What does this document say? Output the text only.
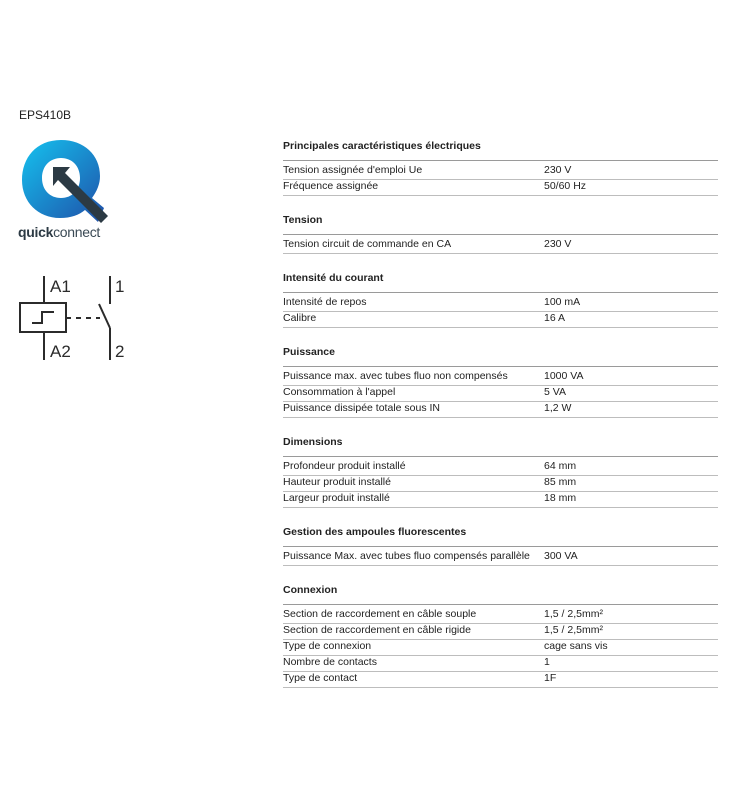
EPS410B
quickconnect
A1
A2
1
2
Principales caractéristiques électriques
Tension assignée d'emploi Ue	230 V
Fréquence assignée	50/60 Hz
Tension
Tension circuit de commande en CA	230 V
Intensité du courant
Intensité de repos	100 mA
Calibre	16 A
Puissance
Puissance max. avec tubes fluo non compensés	1000 VA
Consommation à l'appel	5 VA
Puissance dissipée totale sous IN	1,2 W
Dimensions
Profondeur produit installé	64 mm
Hauteur produit installé	85 mm
Largeur produit installé	18 mm
Gestion des ampoules fluorescentes
Puissance Max. avec tubes fluo compensés parallèle	300 VA
Connexion
Section de raccordement en câble souple	1,5 / 2,5mm²
Section de raccordement en câble rigide	1,5 / 2,5mm²
Type de connexion	cage sans vis
Nombre de contacts	1
Type de contact	1F
